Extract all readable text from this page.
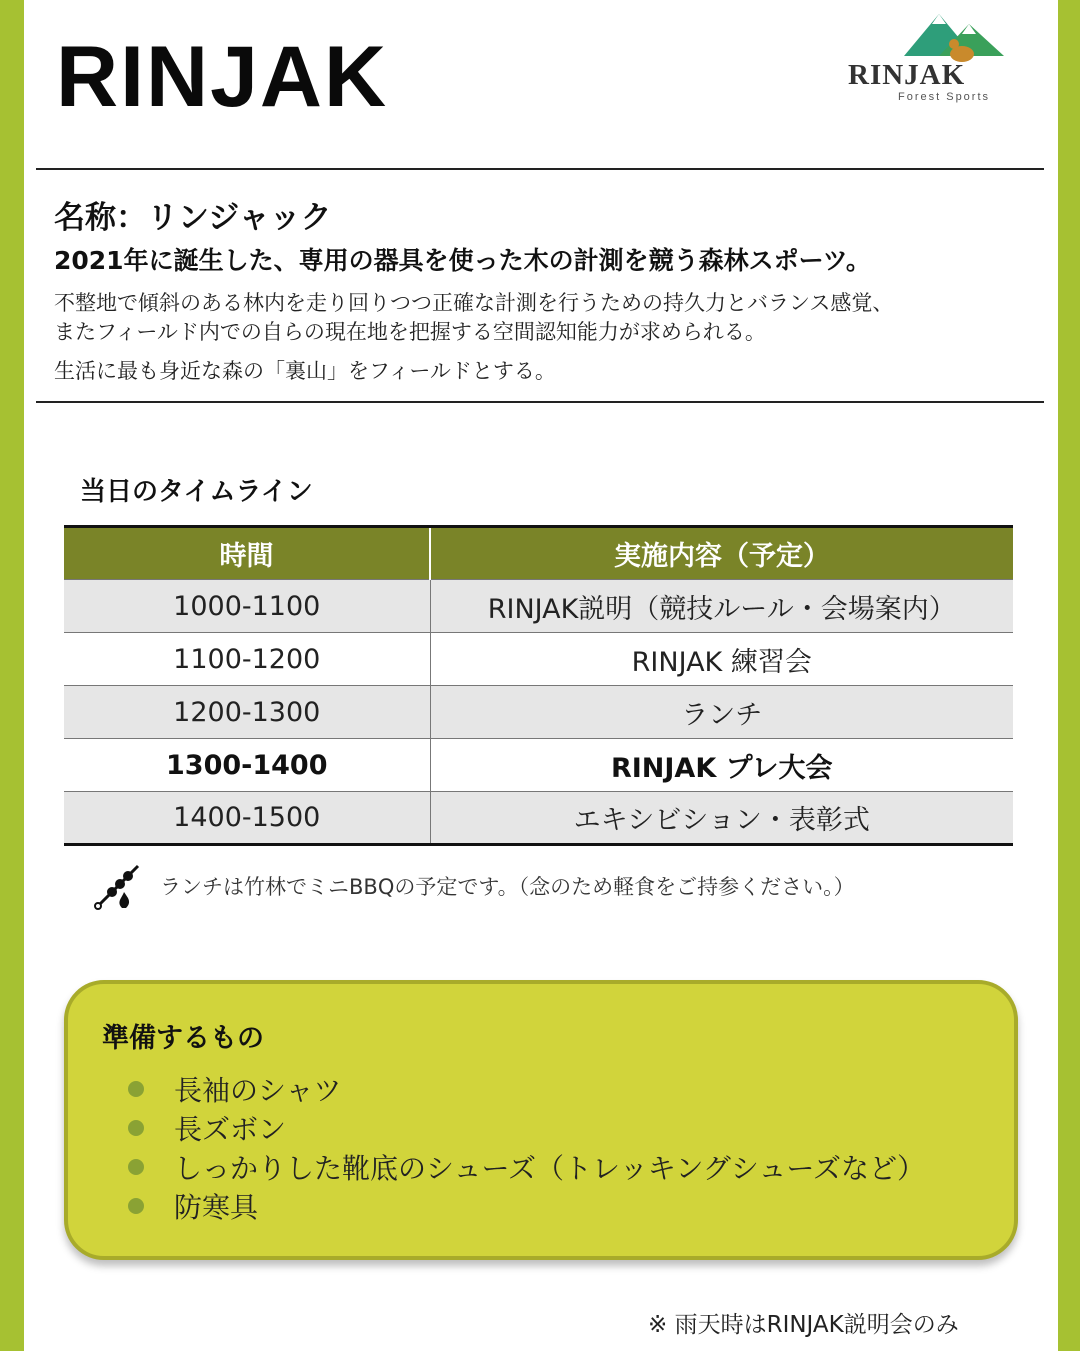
RINJAK	RINJAK
Forest Sports
名称：リンジャック
2021年に誕生した、専用の器具を使った木の計測を競う森林スポーツ。
不整地で傾斜のある林内を走り回りつつ正確な計測を行うための持久力とバランス感覚、
またフィールド内での自らの現在地を把握する空間認知能力が求められる。
生活に最も身近な森の「裏山」をフィールドとする。
当日のタイムライン
時間	実施内容（予定）
1000-1100	RINJAK説明（競技ルール・会場案内）
1100-1200	RINJAK 練習会
1200-1300	ランチ
1300-1400	RINJAK プレ大会
1400-1500	エキシビション・表彰式
ランチは竹林でミニBBQの予定です。（念のため軽食をご持参ください。）
準備するもの
長袖のシャツ
長ズボン
しっかりした靴底のシューズ（トレッキングシューズなど）
防寒具
※ 雨天時はRINJAK説明会のみ
